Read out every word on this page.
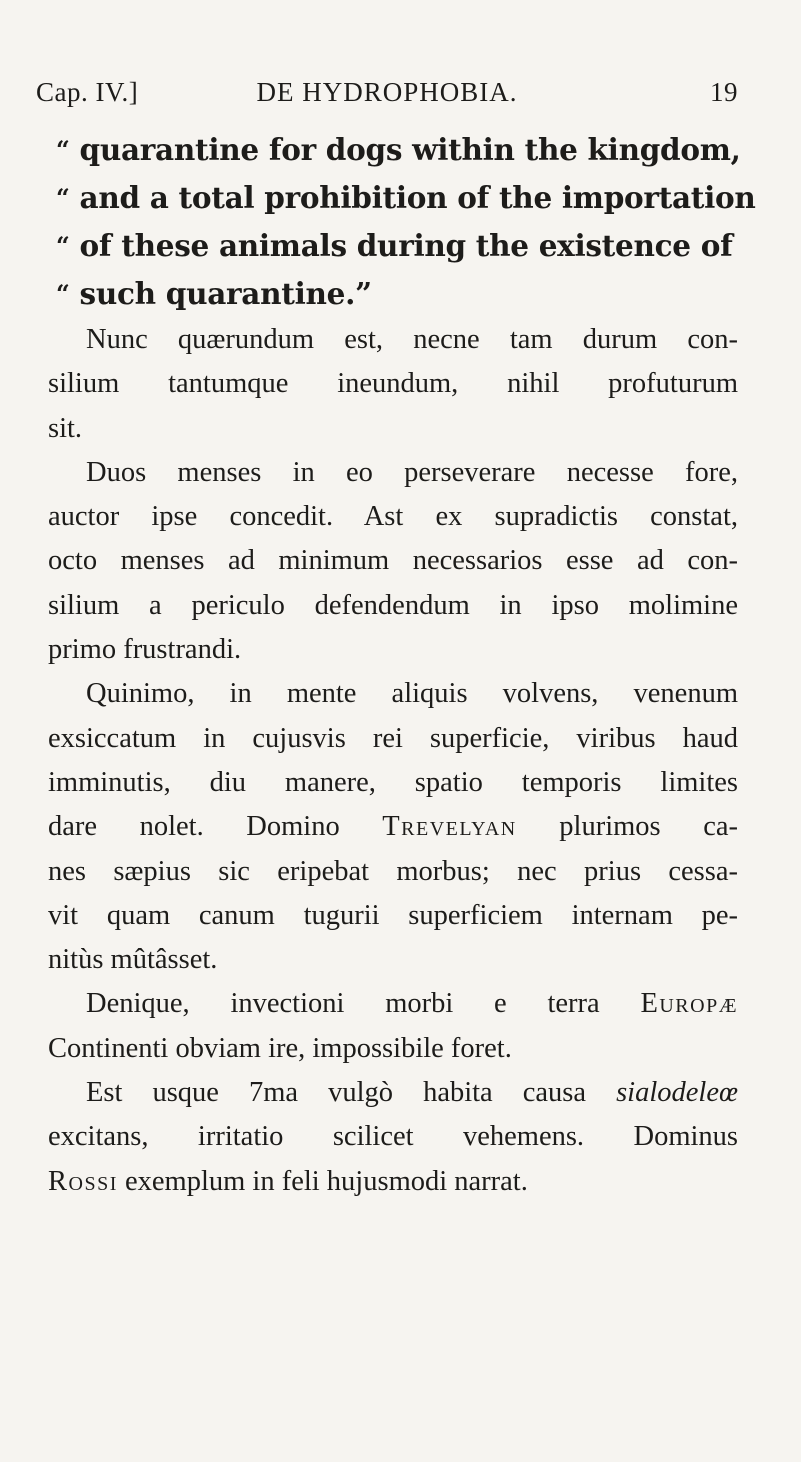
Cap. IV.]	DE HYDROPHOBIA.	19
“ quarantine for dogs within the kingdom,
“ and a total prohibition of the importation
“ of these animals during the existence of
“ such quarantine.”
Nunc quærundum est, necne tam durum con-
silium tantumque ineundum, nihil profuturum
sit.
Duos menses in eo perseverare necesse fore,
auctor ipse concedit. Ast ex supradictis constat,
octo menses ad minimum necessarios esse ad con-
silium a periculo defendendum in ipso molimine
primo frustrandi.
Quinimo, in mente aliquis volvens, venenum
exsiccatum in cujusvis rei superficie, viribus haud
imminutis, diu manere, spatio temporis limites
dare nolet. Domino Trevelyan plurimos ca-
nes sæpius sic eripebat morbus; nec prius cessa-
vit quam canum tugurii superficiem internam pe-
nitùs mûtâsset.
Denique, invectioni morbi e terra Europæ
Continenti obviam ire, impossibile foret.
Est usque 7ma vulgò habita causa sialodeleœ
excitans, irritatio scilicet vehemens. Dominus
Rossi exemplum in feli hujusmodi narrat.
